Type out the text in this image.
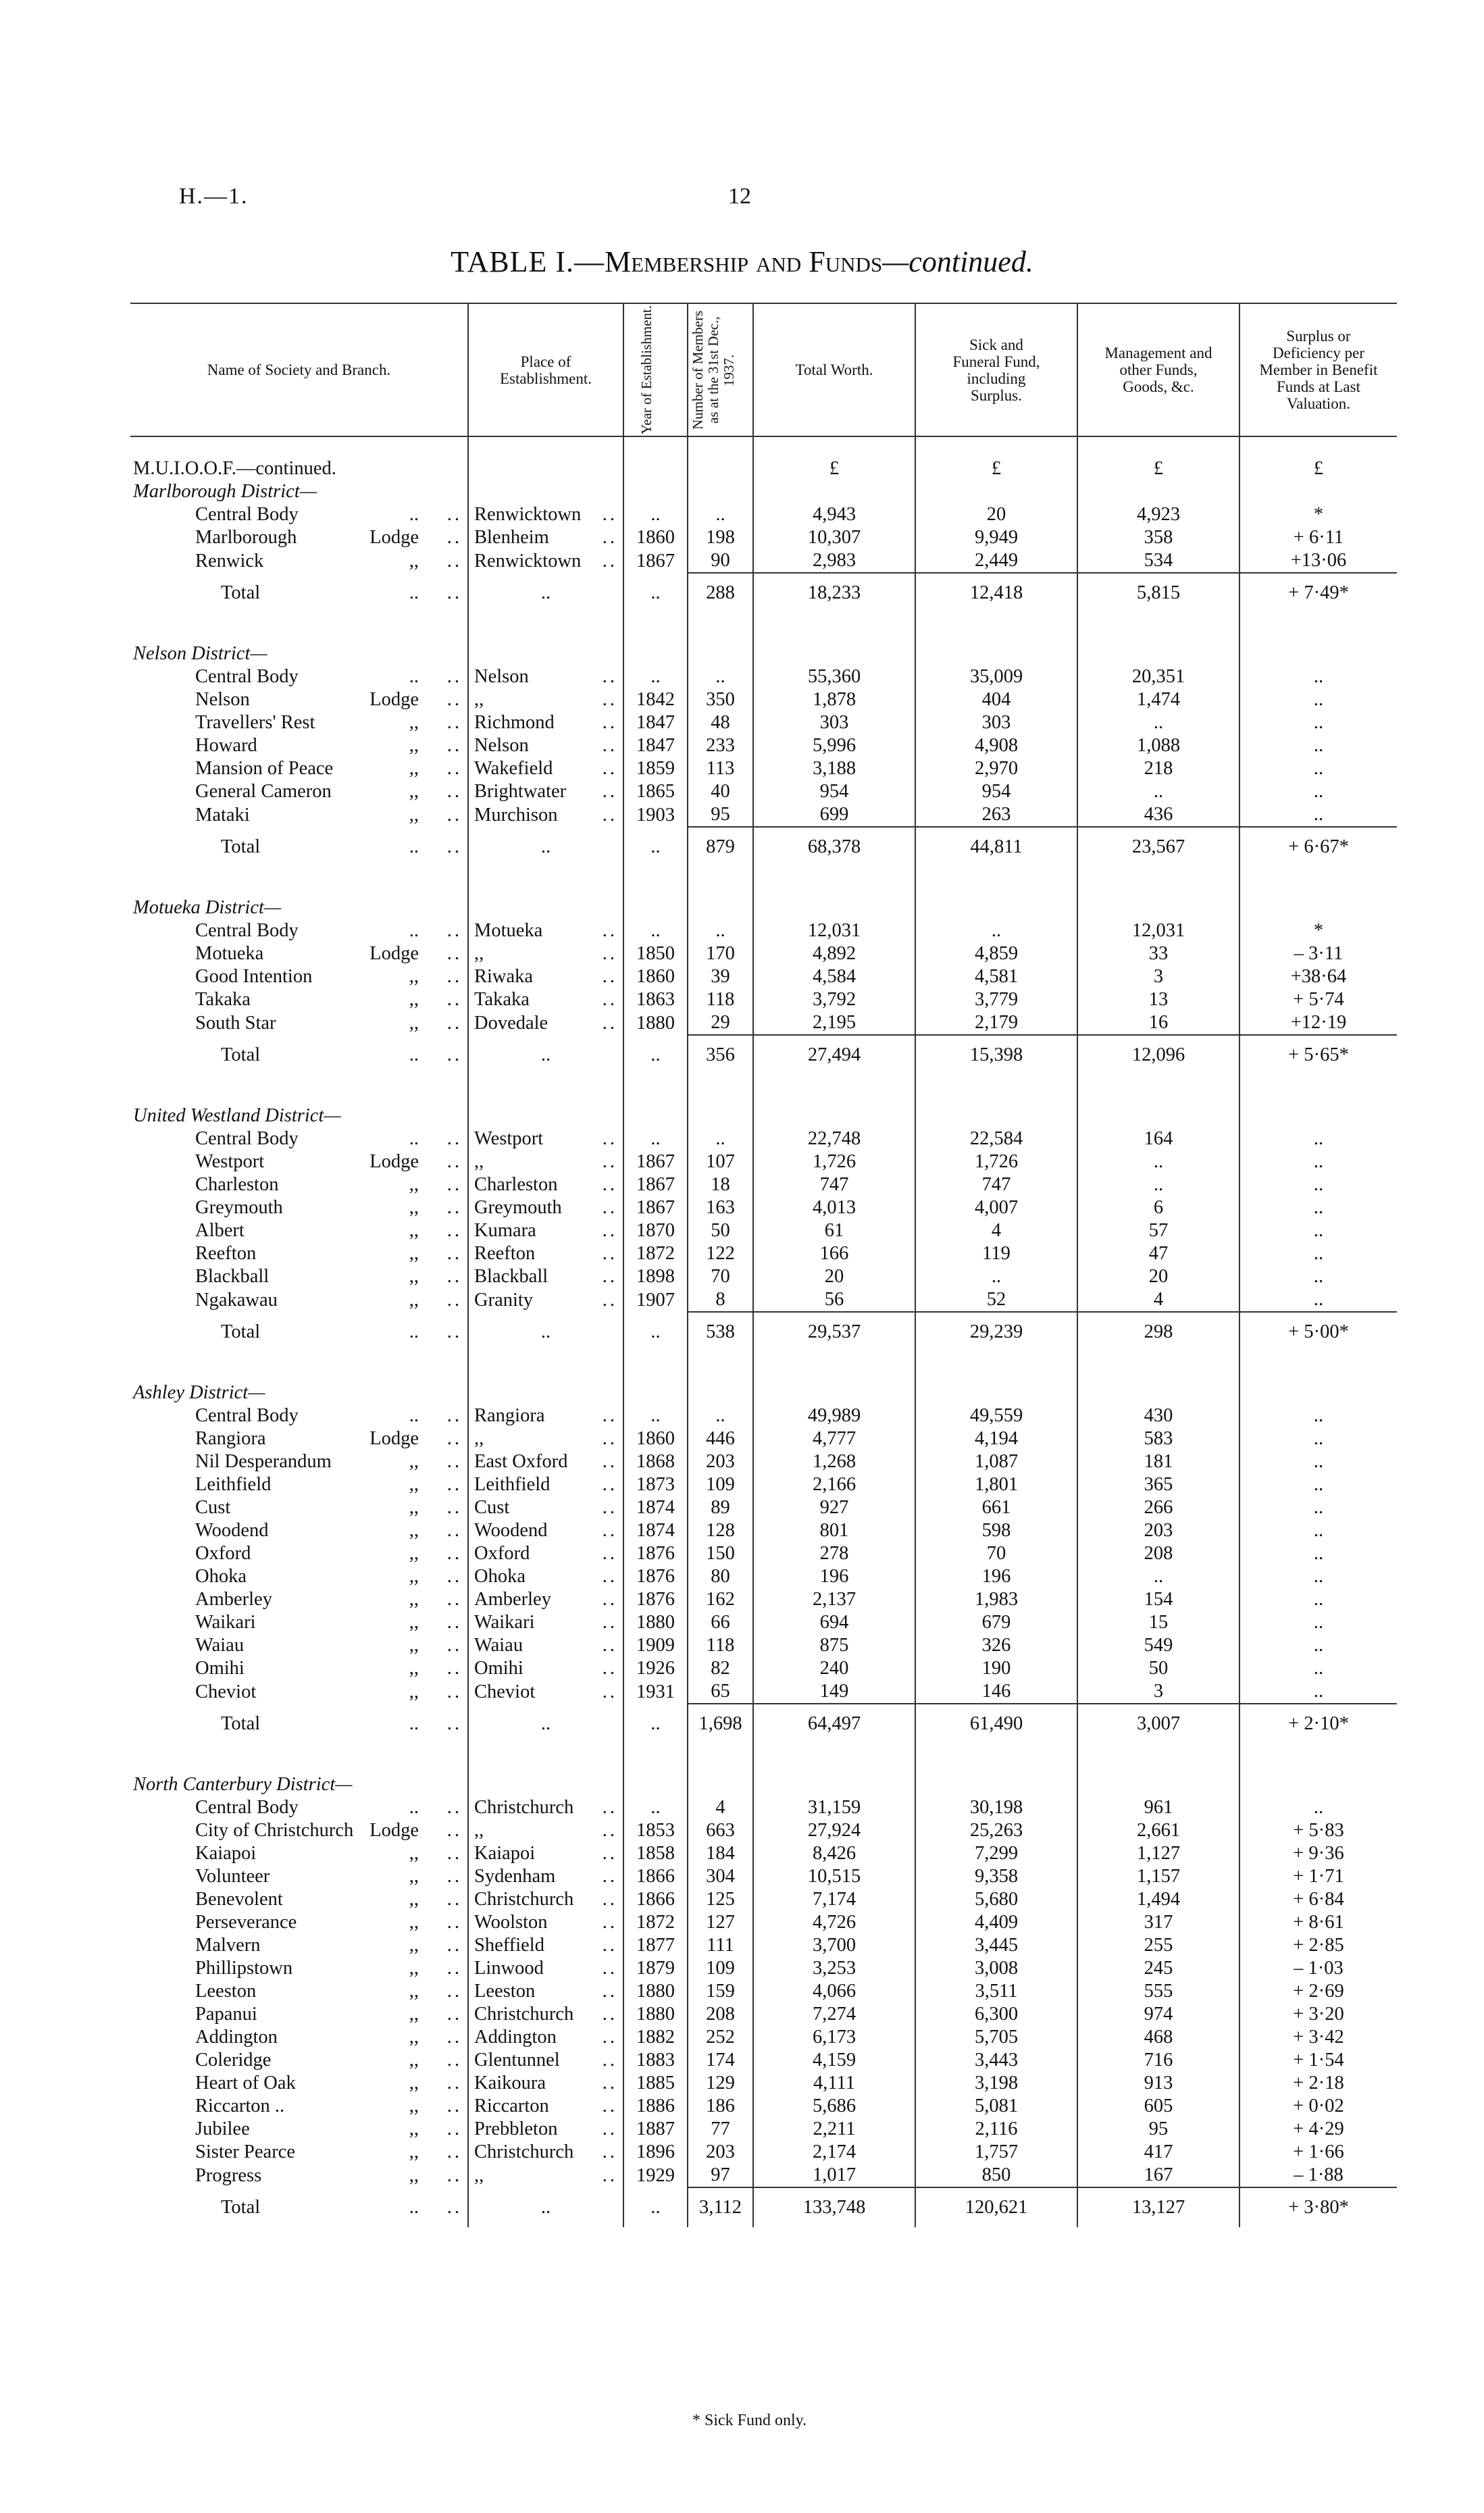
H.—1.	12
TABLE I.—Membership and Funds—continued.
Name of Society and Branch.	Place of Establishment.	Year of Establishment.	Number of Members as at the 31st Dec., 1937.	Total Worth.	Sick and Funeral Fund, including Surplus.	Management and other Funds, Goods, &c.	Surplus or Deficiency per Member in Benefit Funds at Last Valuation.

M.U.I.O.O.F.—continued.				£	£	£	£
Marlborough District—							

Central Body .. ..	Renwicktown ..	..	..	4,943	20	4,923	*

Marlborough Lodge ..	Blenheim ..	1860	198	10,307	9,949	358	+ 6·11

Renwick ,, ..	Renwicktown ..	1867	90	2,983	2,449	534	+13·06

Total .. ..	..	..	288	18,233	12,418	5,815	+ 7·49*

Nelson District—							

Central Body .. ..	Nelson ..	..	..	55,360	35,009	20,351	..

Nelson Lodge ..	,, ..	1842	350	1,878	404	1,474	..

Travellers' Rest ,, ..	Richmond ..	1847	48	303	303	..	..

Howard ,, ..	Nelson ..	1847	233	5,996	4,908	1,088	..

Mansion of Peace ,, ..	Wakefield ..	1859	113	3,188	2,970	218	..

General Cameron ,, ..	Brightwater ..	1865	40	954	954	..	..

Mataki ,, ..	Murchison ..	1903	95	699	263	436	..

Total .. ..	..	..	879	68,378	44,811	23,567	+ 6·67*

Motueka District—							

Central Body .. ..	Motueka ..	..	..	12,031	..	12,031	*

Motueka Lodge ..	,, ..	1850	170	4,892	4,859	33	– 3·11

Good Intention ,, ..	Riwaka ..	1860	39	4,584	4,581	3	+38·64

Takaka ,, ..	Takaka ..	1863	118	3,792	3,779	13	+ 5·74

South Star ,, ..	Dovedale ..	1880	29	2,195	2,179	16	+12·19

Total .. ..	..	..	356	27,494	15,398	12,096	+ 5·65*

United Westland District—							

Central Body .. ..	Westport ..	..	..	22,748	22,584	164	..

Westport Lodge ..	,, ..	1867	107	1,726	1,726	..	..

Charleston ,, ..	Charleston ..	1867	18	747	747	..	..

Greymouth ,, ..	Greymouth ..	1867	163	4,013	4,007	6	..

Albert ,, ..	Kumara ..	1870	50	61	4	57	..

Reefton ,, ..	Reefton ..	1872	122	166	119	47	..

Blackball ,, ..	Blackball ..	1898	70	20	..	20	..

Ngakawau ,, ..	Granity ..	1907	8	56	52	4	..

Total .. ..	..	..	538	29,537	29,239	298	+ 5·00*

Ashley District—							

Central Body .. ..	Rangiora ..	..	..	49,989	49,559	430	..

Rangiora Lodge ..	,, ..	1860	446	4,777	4,194	583	..

Nil Desperandum ,, ..	East Oxford ..	1868	203	1,268	1,087	181	..

Leithfield ,, ..	Leithfield ..	1873	109	2,166	1,801	365	..

Cust ,, ..	Cust ..	1874	89	927	661	266	..

Woodend ,, ..	Woodend ..	1874	128	801	598	203	..

Oxford ,, ..	Oxford ..	1876	150	278	70	208	..

Ohoka ,, ..	Ohoka ..	1876	80	196	196	..	..

Amberley ,, ..	Amberley ..	1876	162	2,137	1,983	154	..

Waikari ,, ..	Waikari ..	1880	66	694	679	15	..

Waiau ,, ..	Waiau ..	1909	118	875	326	549	..

Omihi ,, ..	Omihi ..	1926	82	240	190	50	..

Cheviot ,, ..	Cheviot ..	1931	65	149	146	3	..

Total .. ..	..	..	1,698	64,497	61,490	3,007	+ 2·10*

North Canterbury District—							

Central Body .. ..	Christchurch ..	..	4	31,159	30,198	961	..

City of Christchurch Lodge ..	,, ..	1853	663	27,924	25,263	2,661	+ 5·83

Kaiapoi ,, ..	Kaiapoi ..	1858	184	8,426	7,299	1,127	+ 9·36

Volunteer ,, ..	Sydenham ..	1866	304	10,515	9,358	1,157	+ 1·71

Benevolent ,, ..	Christchurch ..	1866	125	7,174	5,680	1,494	+ 6·84

Perseverance ,, ..	Woolston ..	1872	127	4,726	4,409	317	+ 8·61

Malvern ,, ..	Sheffield ..	1877	111	3,700	3,445	255	+ 2·85

Phillipstown ,, ..	Linwood ..	1879	109	3,253	3,008	245	– 1·03

Leeston ,, ..	Leeston ..	1880	159	4,066	3,511	555	+ 2·69

Papanui ,, ..	Christchurch ..	1880	208	7,274	6,300	974	+ 3·20

Addington ,, ..	Addington ..	1882	252	6,173	5,705	468	+ 3·42

Coleridge ,, ..	Glentunnel ..	1883	174	4,159	3,443	716	+ 1·54

Heart of Oak ,, ..	Kaikoura ..	1885	129	4,111	3,198	913	+ 2·18

Riccarton .. ,, ..	Riccarton ..	1886	186	5,686	5,081	605	+ 0·02

Jubilee ,, ..	Prebbleton ..	1887	77	2,211	2,116	95	+ 4·29

Sister Pearce ,, ..	Christchurch ..	1896	203	2,174	1,757	417	+ 1·66

Progress ,, ..	,, ..	1929	97	1,017	850	167	– 1·88

Total .. ..	..	..	3,112	133,748	120,621	13,127	+ 3·80*
* Sick Fund only.
